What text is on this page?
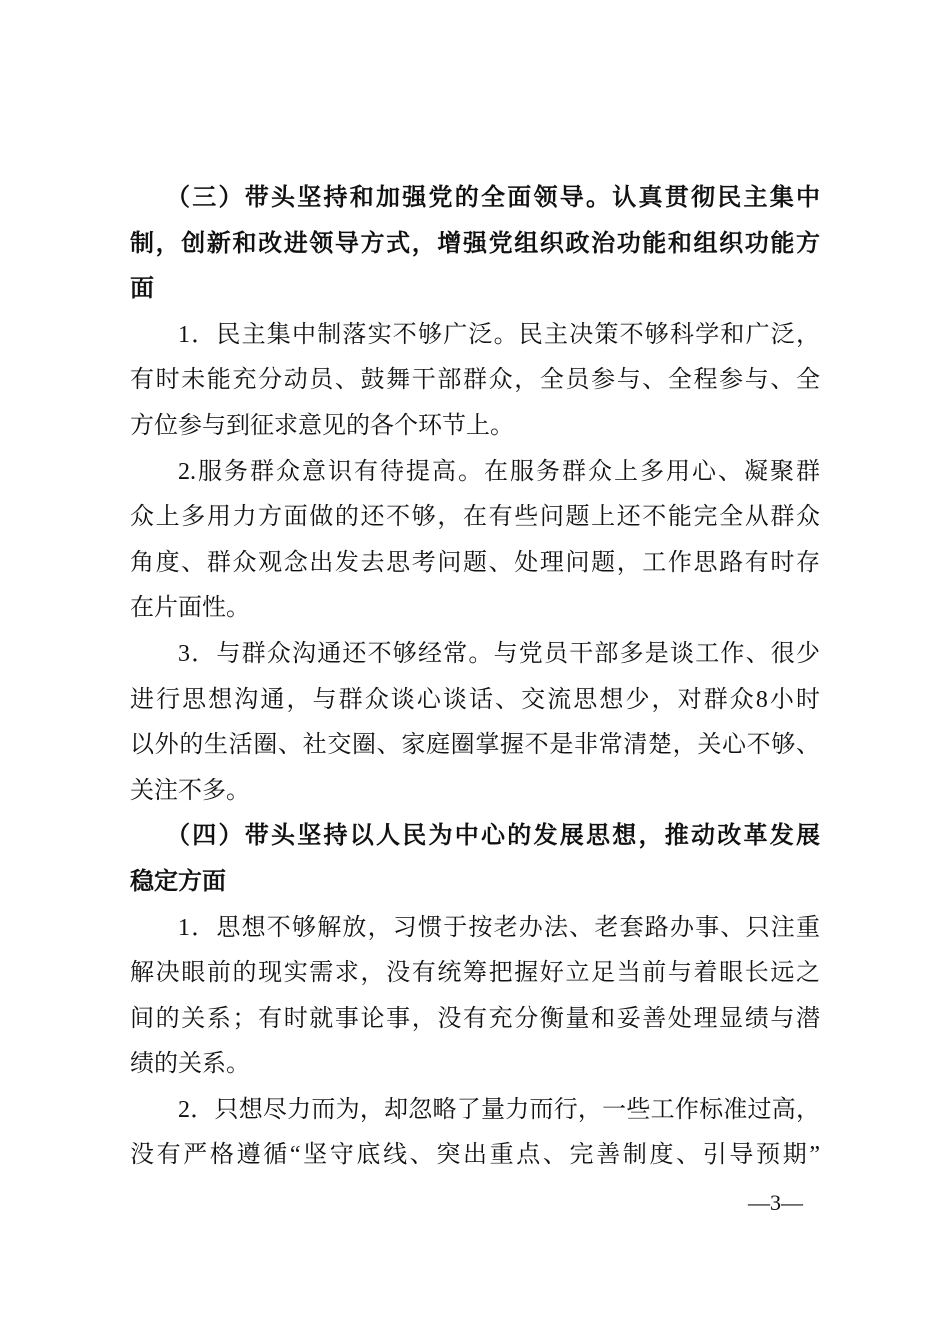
（三）带头坚持和加强党的全面领导。认真贯彻民主集中
制，创新和改进领导方式，增强党组织政治功能和组织功能方
面
1．民主集中制落实不够广泛。民主决策不够科学和广泛，
有时未能充分动员、鼓舞干部群众，全员参与、全程参与、全
方位参与到征求意见的各个环节上。
2.服务群众意识有待提高。在服务群众上多用心、凝聚群
众上多用力方面做的还不够，在有些问题上还不能完全从群众
角度、群众观念出发去思考问题、处理问题，工作思路有时存
在片面性。
3．与群众沟通还不够经常。与党员干部多是谈工作、很少
进行思想沟通，与群众谈心谈话、交流思想少，对群众8小时
以外的生活圈、社交圈、家庭圈掌握不是非常清楚，关心不够、
关注不多。
（四）带头坚持以人民为中心的发展思想，推动改革发展
稳定方面
1．思想不够解放，习惯于按老办法、老套路办事、只注重
解决眼前的现实需求，没有统筹把握好立足当前与着眼长远之
间的关系；有时就事论事，没有充分衡量和妥善处理显绩与潜
绩的关系。
2．只想尽力而为，却忽略了量力而行，一些工作标准过高，
没有严格遵循“坚守底线、突出重点、完善制度、引导预期”
—3—
